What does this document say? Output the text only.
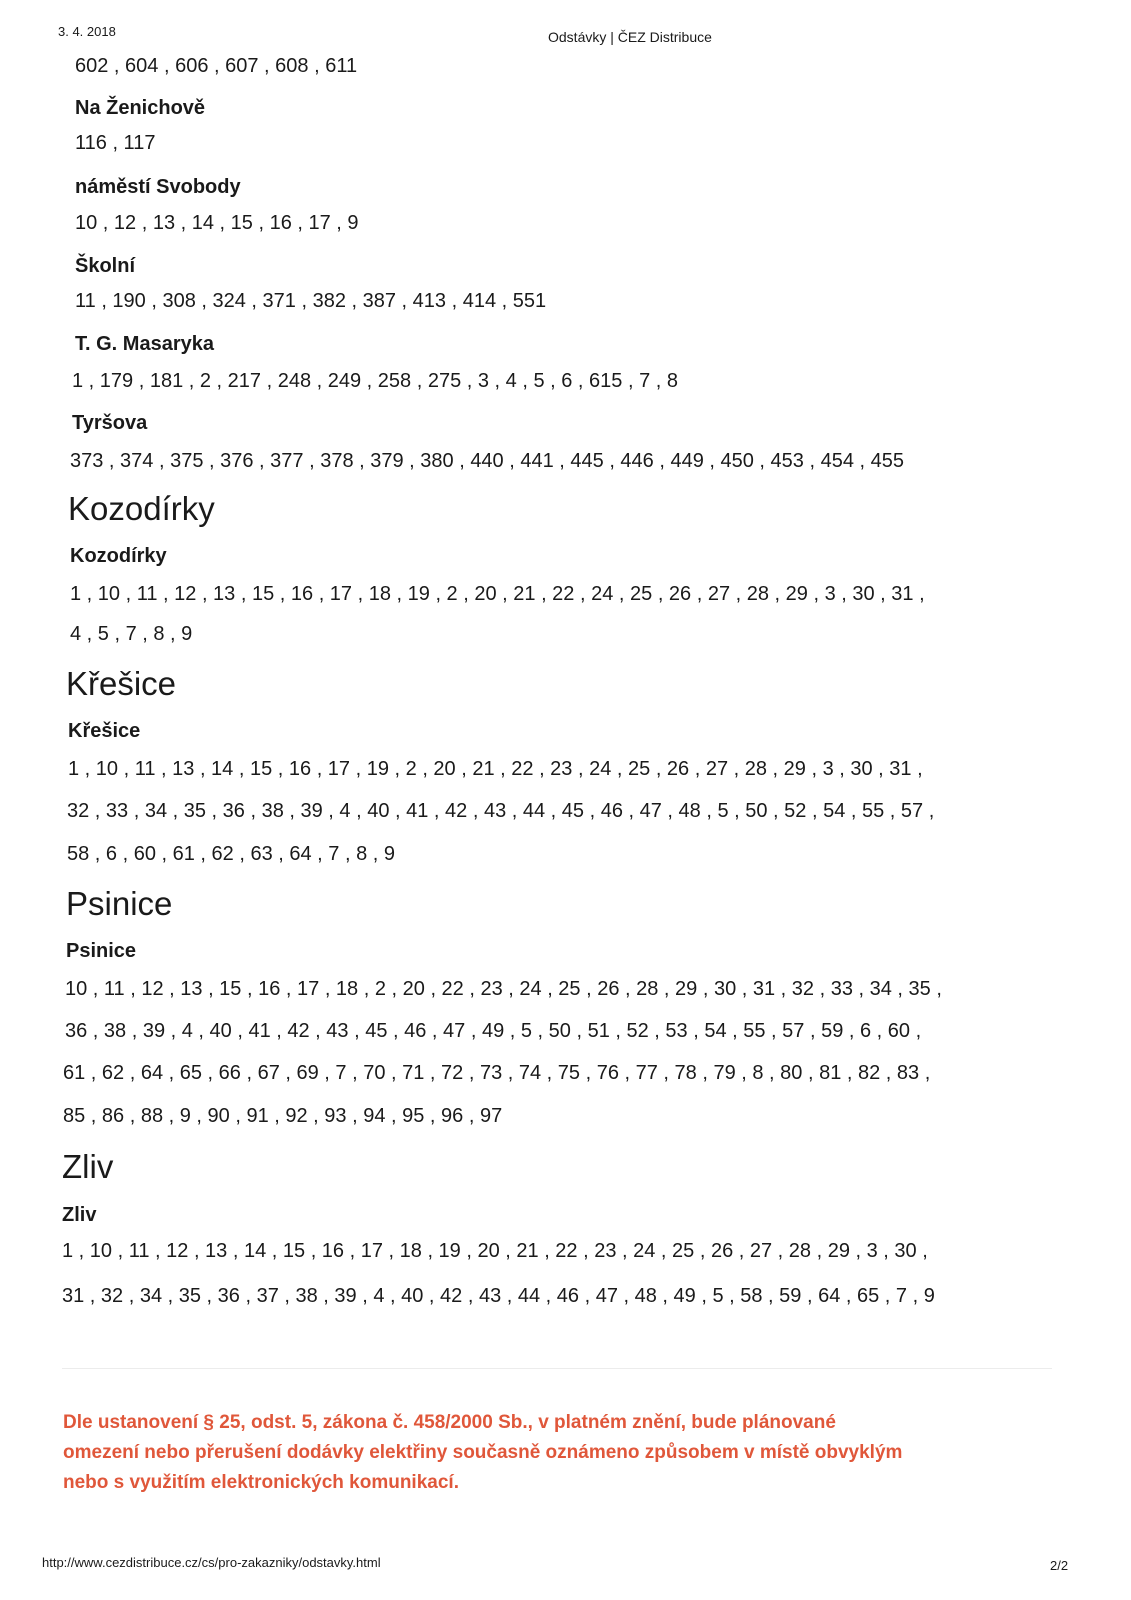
3. 4. 2018	Odstávky | ČEZ Distribuce
602 , 604 , 606 , 607 , 608 , 611
Na Ženichově
116 , 117
náměstí Svobody
10 , 12 , 13 , 14 , 15 , 16 , 17 , 9
Školní
11 , 190 , 308 , 324 , 371 , 382 , 387 , 413 , 414 , 551
T. G. Masaryka
1 , 179 , 181 , 2 , 217 , 248 , 249 , 258 , 275 , 3 , 4 , 5 , 6 , 615 , 7 , 8
Tyršova
373 , 374 , 375 , 376 , 377 , 378 , 379 , 380 , 440 , 441 , 445 , 446 , 449 , 450 , 453 , 454 , 455
Kozodírky
Kozodírky
1 , 10 , 11 , 12 , 13 , 15 , 16 , 17 , 18 , 19 , 2 , 20 , 21 , 22 , 24 , 25 , 26 , 27 , 28 , 29 , 3 , 30 , 31 ,
4 , 5 , 7 , 8 , 9
Křešice
Křešice
1 , 10 , 11 , 13 , 14 , 15 , 16 , 17 , 19 , 2 , 20 , 21 , 22 , 23 , 24 , 25 , 26 , 27 , 28 , 29 , 3 , 30 , 31 ,
32 , 33 , 34 , 35 , 36 , 38 , 39 , 4 , 40 , 41 , 42 , 43 , 44 , 45 , 46 , 47 , 48 , 5 , 50 , 52 , 54 , 55 , 57 ,
58 , 6 , 60 , 61 , 62 , 63 , 64 , 7 , 8 , 9
Psinice
Psinice
10 , 11 , 12 , 13 , 15 , 16 , 17 , 18 , 2 , 20 , 22 , 23 , 24 , 25 , 26 , 28 , 29 , 30 , 31 , 32 , 33 , 34 , 35 ,
36 , 38 , 39 , 4 , 40 , 41 , 42 , 43 , 45 , 46 , 47 , 49 , 5 , 50 , 51 , 52 , 53 , 54 , 55 , 57 , 59 , 6 , 60 ,
61 , 62 , 64 , 65 , 66 , 67 , 69 , 7 , 70 , 71 , 72 , 73 , 74 , 75 , 76 , 77 , 78 , 79 , 8 , 80 , 81 , 82 , 83 ,
85 , 86 , 88 , 9 , 90 , 91 , 92 , 93 , 94 , 95 , 96 , 97
Zliv
Zliv
1 , 10 , 11 , 12 , 13 , 14 , 15 , 16 , 17 , 18 , 19 , 20 , 21 , 22 , 23 , 24 , 25 , 26 , 27 , 28 , 29 , 3 , 30 ,
31 , 32 , 34 , 35 , 36 , 37 , 38 , 39 , 4 , 40 , 42 , 43 , 44 , 46 , 47 , 48 , 49 , 5 , 58 , 59 , 64 , 65 , 7 , 9
Dle ustanovení § 25, odst. 5, zákona č. 458/2000 Sb., v platném znění, bude plánované
omezení nebo přerušení dodávky elektřiny současně oznámeno způsobem v místě obvyklým
nebo s využitím elektronických komunikací.
http://www.cezdistribuce.cz/cs/pro-zakazniky/odstavky.html	2/2
